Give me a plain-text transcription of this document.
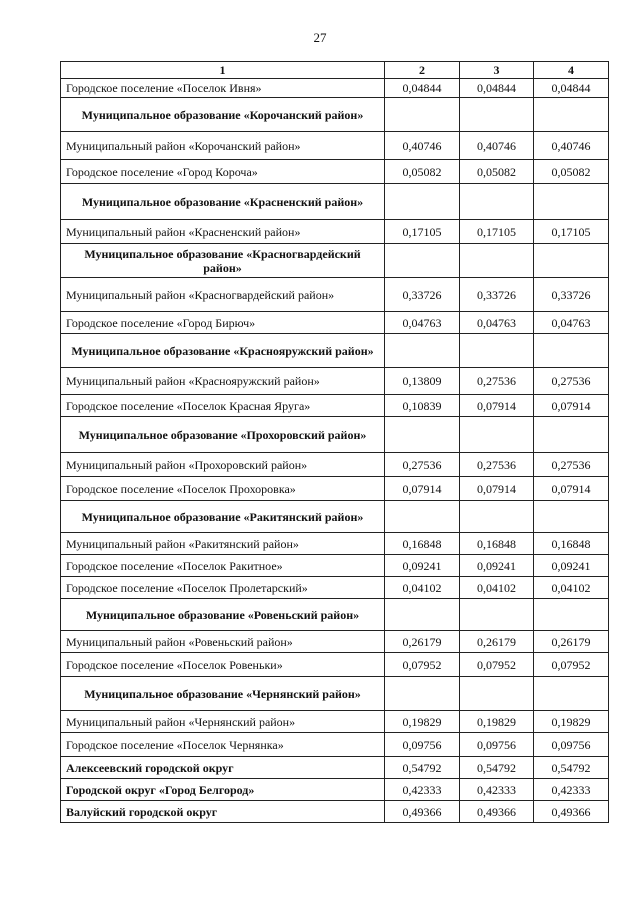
27
1	2	3	4
Городское поселение «Поселок Ивня»	0,04844	0,04844	0,04844
Муниципальное образование «Корочанский район»			
Муниципальный район «Корочанский район»	0,40746	0,40746	0,40746
Городское поселение «Город Короча»	0,05082	0,05082	0,05082
Муниципальное образование «Красненский район»			
Муниципальный район «Красненский район»	0,17105	0,17105	0,17105
Муниципальное образование «Красногвардейский район»			
Муниципальный район «Красногвардейский район»	0,33726	0,33726	0,33726
Городское поселение «Город Бирюч»	0,04763	0,04763	0,04763
Муниципальное образование «Краснояружский район»			
Муниципальный район «Краснояружский район»	0,13809	0,27536	0,27536
Городское поселение «Поселок Красная Яруга»	0,10839	0,07914	0,07914
Муниципальное образование «Прохоровский район»			
Муниципальный район «Прохоровский район»	0,27536	0,27536	0,27536
Городское поселение «Поселок Прохоровка»	0,07914	0,07914	0,07914
Муниципальное образование «Ракитянский район»			
Муниципальный район «Ракитянский район»	0,16848	0,16848	0,16848
Городское поселение «Поселок Ракитное»	0,09241	0,09241	0,09241
Городское поселение «Поселок Пролетарский»	0,04102	0,04102	0,04102
Муниципальное образование «Ровеньский район»			
Муниципальный район «Ровеньский район»	0,26179	0,26179	0,26179
Городское поселение «Поселок Ровеньки»	0,07952	0,07952	0,07952
Муниципальное образование «Чернянский район»			
Муниципальный район «Чернянский район»	0,19829	0,19829	0,19829
Городское поселение «Поселок Чернянка»	0,09756	0,09756	0,09756
Алексеевский городской округ	0,54792	0,54792	0,54792
Городской округ «Город Белгород»	0,42333	0,42333	0,42333
Валуйский городской округ	0,49366	0,49366	0,49366
